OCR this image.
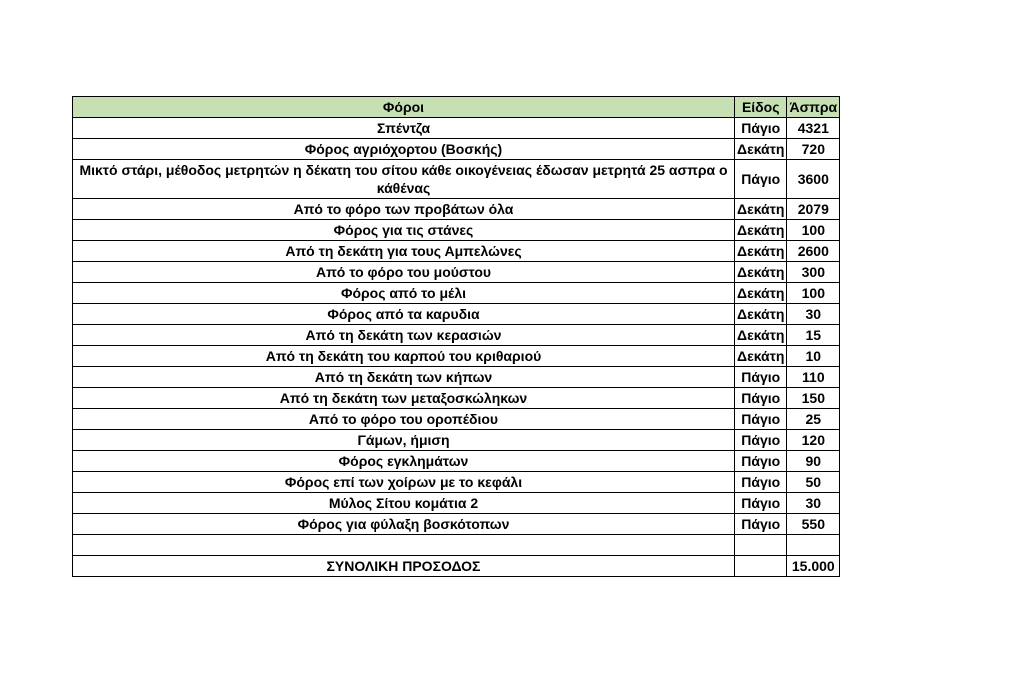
Φόροι	Είδος	Άσπρα
Σπέντζα	Πάγιο	4321
Φόρος αγριόχορτου (Βοσκής)	Δεκάτη	720
Μικτό στάρι, μέθοδος μετρητών η δέκατη του σίτου κάθε οικογένειας έδωσαν μετρητά 25 ασπρα ο κάθένας	Πάγιο	3600
Από το φόρο των προβάτων όλα	Δεκάτη	2079
Φόρος για τις στάνες	Δεκάτη	100
Από τη δεκάτη για τους Αμπελώνες	Δεκάτη	2600
Από το φόρο του μούστου	Δεκάτη	300
Φόρος από το μέλι	Δεκάτη	100
Φόρος από τα καρυδια	Δεκάτη	30
Από τη δεκάτη των κερασιών	Δεκάτη	15
Από τη δεκάτη του καρπού του κριθαριού	Δεκάτη	10
Από τη δεκάτη των κήπων	Πάγιο	110
Από τη δεκάτη των μεταξοσκώληκων	Πάγιο	150
Από το φόρο του οροπέδιου	Πάγιο	25
Γάμων, ήμιση	Πάγιο	120
Φόρος εγκλημάτων	Πάγιο	90
Φόρος επί των χοίρων με το κεφάλι	Πάγιο	50
Μύλος Σίτου κομάτια 2	Πάγιο	30
Φόρος για φύλαξη βοσκότοπων	Πάγιο	550

ΣΥΝΟΛΙΚΗ ΠΡΟΣΟΔΟΣ		15.000
